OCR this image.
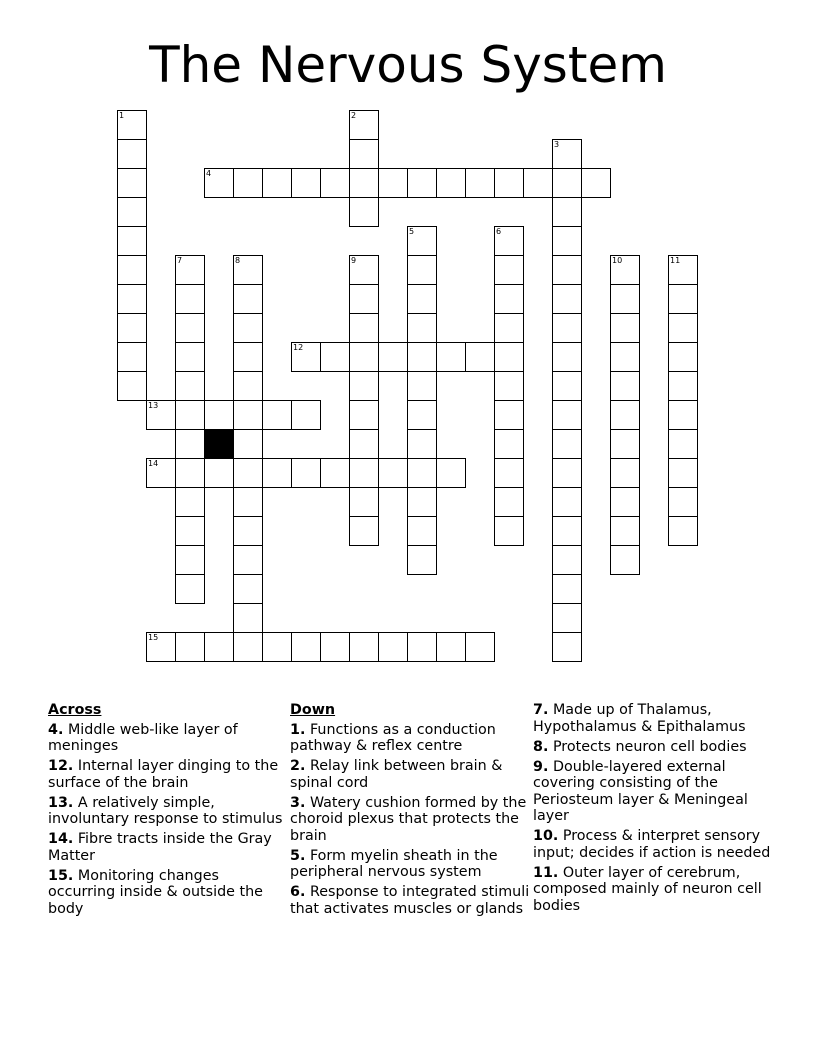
The Nervous System
1	2
3
4
5	6
7	8	9	10	11
12
13
14
15
Across
4. Middle web-like layer of meninges
12. Internal layer dinging to the surface of the brain
13. A relatively simple, involuntary response to stimulus
14. Fibre tracts inside the Gray Matter
15. Monitoring changes occurring inside & outside the body
Down
1. Functions as a conduction pathway & reflex centre
2. Relay link between brain & spinal cord
3. Watery cushion formed by the choroid plexus that protects the brain
5. Form myelin sheath in the peripheral nervous system
6. Response to integrated stimuli that activates muscles or glands
7. Made up of Thalamus, Hypothalamus & Epithalamus
8. Protects neuron cell bodies
9. Double-layered external covering consisting of the Periosteum layer & Meningeal layer
10. Process & interpret sensory input; decides if action is needed
11. Outer layer of cerebrum, composed mainly of neuron cell bodies
